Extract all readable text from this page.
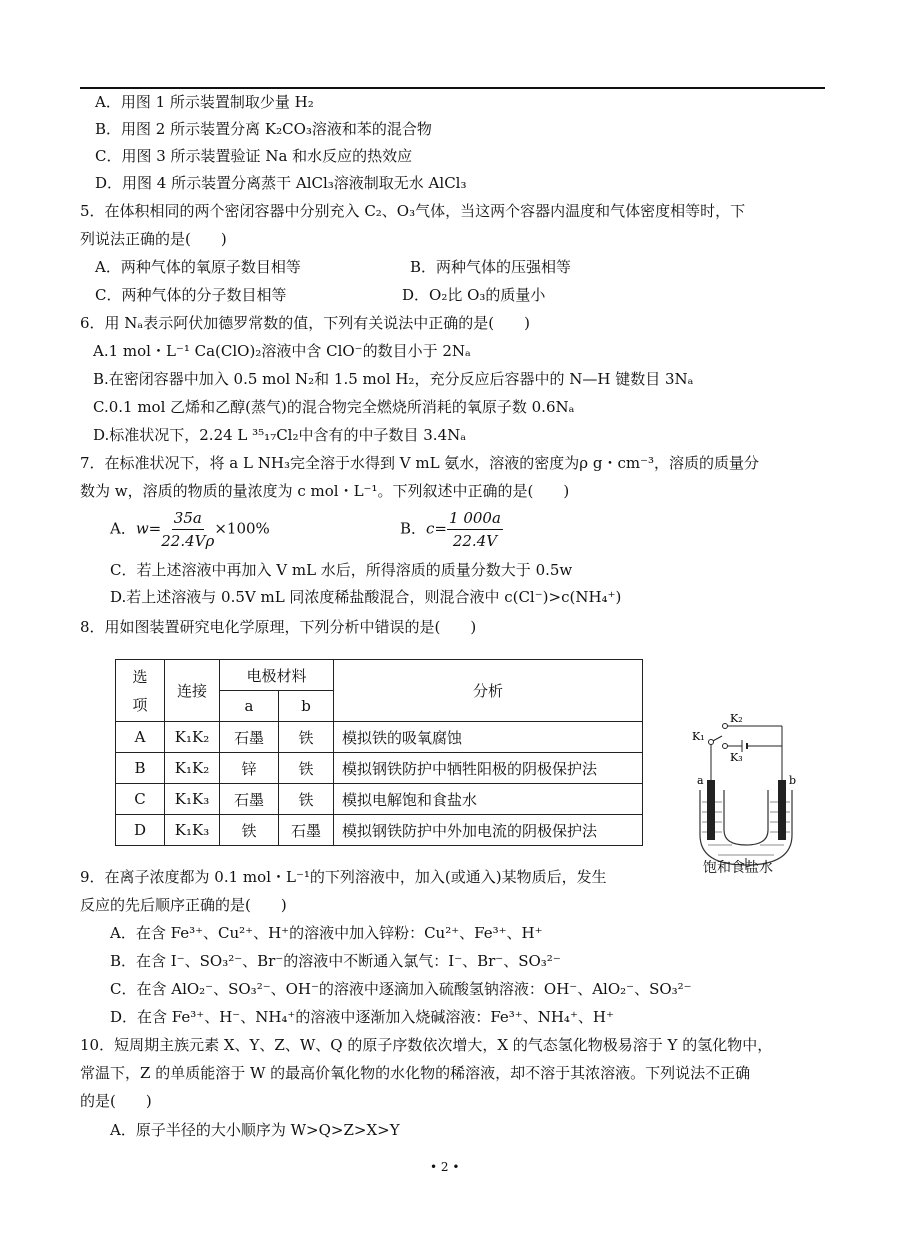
A．用图 1 所示装置制取少量 H₂
B．用图 2 所示装置分离 K₂CO₃溶液和苯的混合物
C．用图 3 所示装置验证 Na 和水反应的热效应
D．用图 4 所示装置分离蒸干 AlCl₃溶液制取无水 AlCl₃
5．在体积相同的两个密闭容器中分别充入 C₂、O₃气体，当这两个容器内温度和气体密度相等时，下
列说法正确的是(　　)
A．两种气体的氧原子数目相等	B．两种气体的压强相等
C．两种气体的分子数目相等	D．O₂比 O₃的质量小
6．用 Nₐ表示阿伏加德罗常数的值，下列有关说法中正确的是(　　)
A.1 mol・L⁻¹ Ca(ClO)₂溶液中含 ClO⁻的数目小于 2Nₐ
B.在密闭容器中加入 0.5 mol N₂和 1.5 mol H₂，充分反应后容器中的 N—H 键数目 3Nₐ
C.0.1 mol 乙烯和乙醇(蒸气)的混合物完全燃烧所消耗的氧原子数 0.6Nₐ
D.标准状况下，2.24 L ³⁵₁₇Cl₂中含有的中子数目 3.4Nₐ
7．在标准状况下，将 a L NH₃完全溶于水得到 V mL 氨水，溶液的密度为ρ g・cm⁻³，溶质的质量分
数为 w，溶质的物质的量浓度为 c mol・L⁻¹。下列叙述中正确的是(　　)
A．$w= \frac{35a}{22.4V\rho} \times 100\%$	B．$c= \frac{1 000a}{22.4V}$
C．若上述溶液中再加入 V mL 水后，所得溶质的质量分数大于 0.5w
D.若上述溶液与 0.5V mL 同浓度稀盐酸混合，则混合液中 c(Cl⁻)>c(NH₄⁺)
8．用如图装置研究电化学原理，下列分析中错误的是(　　)
选
项	连接	电极材料		分析
		a	b	
A	K₁K₂	石墨	铁	模拟铁的吸氧腐蚀
B	K₁K₂	锌	铁	模拟钢铁防护中牺牲阳极的阴极保护法
C	K₁K₃	石墨	铁	模拟电解饱和食盐水
D	K₁K₃	铁	石墨	模拟钢铁防护中外加电流的阴极保护法
K₁
K₂
K₃
a	b
饱和食盐水
9．在离子浓度都为 0.1 mol・L⁻¹的下列溶液中，加入(或通入)某物质后，发生
反应的先后顺序正确的是(　　)
A．在含 Fe³⁺、Cu²⁺、H⁺的溶液中加入锌粉：Cu²⁺、Fe³⁺、H⁺
B．在含 I⁻、SO₃²⁻、Br⁻的溶液中不断通入氯气：I⁻、Br⁻、SO₃²⁻
C．在含 AlO₂⁻、SO₃²⁻、OH⁻的溶液中逐滴加入硫酸氢钠溶液：OH⁻、AlO₂⁻、SO₃²⁻
D．在含 Fe³⁺、H⁻、NH₄⁺的溶液中逐渐加入烧碱溶液：Fe³⁺、NH₄⁺、H⁺
10．短周期主族元素 X、Y、Z、W、Q 的原子序数依次增大，X 的气态氢化物极易溶于 Y 的氢化物中，
常温下，Z 的单质能溶于 W 的最高价氧化物的水化物的稀溶液，却不溶于其浓溶液。下列说法不正确
的是(　　)
A．原子半径的大小顺序为 W>Q>Z>X>Y
• 2 •
